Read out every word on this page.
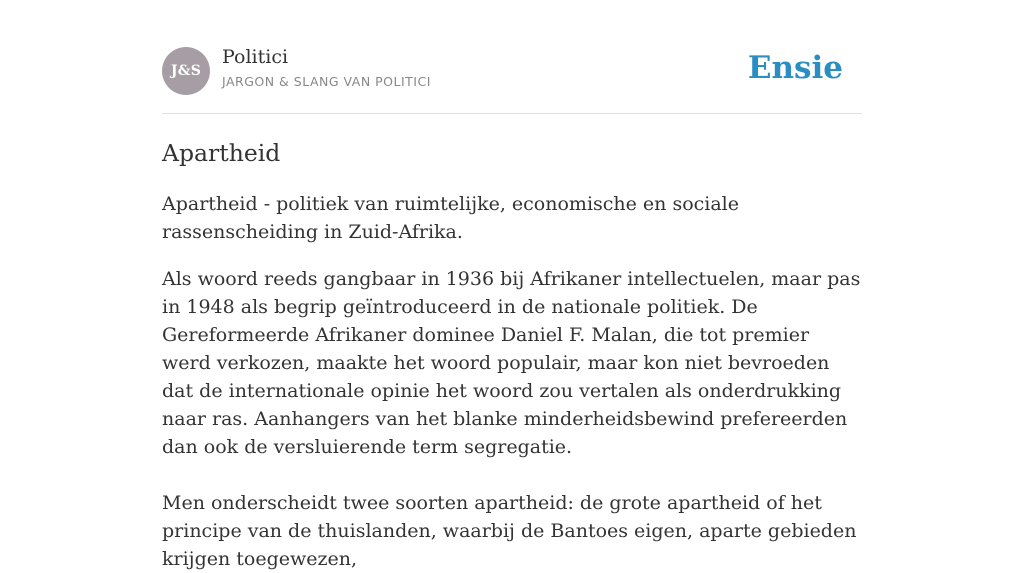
J&S
Politici
JARGON & SLANG VAN POLITICI	Ensie
Apartheid

Apartheid - politiek van ruimtelijke, economische en sociale rassenscheiding in Zuid-Afrika.

Als woord reeds gangbaar in 1936 bij Afrikaner intellectuelen, maar pas in 1948 als begrip geïntroduceerd in de nationale politiek. De Gereformeerde Afrikaner dominee Daniel F. Malan, die tot premier werd verkozen, maakte het woord populair, maar kon niet bevroeden dat de internationale opinie het woord zou vertalen als onderdrukking naar ras. Aanhangers van het blanke minderheidsbewind prefereerden dan ook de versluierende term segregatie.

Men onderscheidt twee soorten apartheid: de grote apartheid of het principe van de thuislanden, waarbij de Bantoes eigen, aparte gebieden krijgen toegewezen,
